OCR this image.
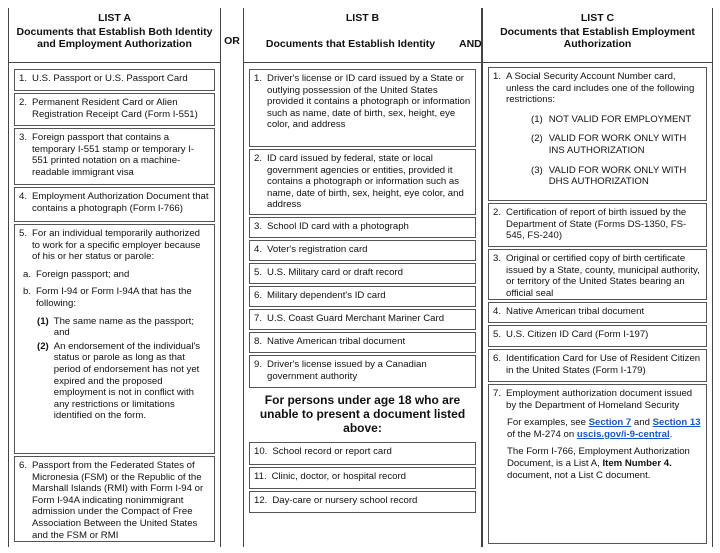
LIST A
Documents that Establish Both Identity
and Employment Authorization
1. U.S. Passport or U.S. Passport Card
2. Permanent Resident Card or Alien Registration Receipt Card (Form I-551)
3. Foreign passport that contains a temporary I-551 stamp or temporary I-551 printed notation on a machine-readable immigrant visa
4. Employment Authorization Document that contains a photograph (Form I-766)
5. For an individual temporarily authorized to work for a specific employer because of his or her status or parole:
a. Foreign passport; and
b. Form I-94 or Form I-94A that has the following:
(1) The same name as the passport; and
(2) An endorsement of the individual's status or parole as long as that period of endorsement has not yet expired and the proposed employment is not in conflict with any restrictions or limitations identified on the form.
6. Passport from the Federated States of Micronesia (FSM) or the Republic of the Marshall Islands (RMI) with Form I-94 or Form I-94A indicating nonimmigrant admission under the Compact of Free Association Between the United States and the FSM or RMI
OR
LIST B
Documents that Establish Identity
1. Driver's license or ID card issued by a State or outlying possession of the United States provided it contains a photograph or information such as name, date of birth, sex, height, eye color, and address
2. ID card issued by federal, state or local government agencies or entities, provided it contains a photograph or information such as name, date of birth, sex, height, eye color, and address
3. School ID card with a photograph
4. Voter's registration card
5. U.S. Military card or draft record
6. Military dependent's ID card
7. U.S. Coast Guard Merchant Mariner Card
8. Native American tribal document
9. Driver's license issued by a Canadian government authority
For persons under age 18 who are unable to present a document listed above:
10. School record or report card
11. Clinic, doctor, or hospital record
12. Day-care or nursery school record
AND
LIST C
Documents that Establish Employment
Authorization
1. A Social Security Account Number card, unless the card includes one of the following restrictions:
(1) NOT VALID FOR EMPLOYMENT
(2) VALID FOR WORK ONLY WITH INS AUTHORIZATION
(3) VALID FOR WORK ONLY WITH DHS AUTHORIZATION
2. Certification of report of birth issued by the Department of State (Forms DS-1350, FS-545, FS-240)
3. Original or certified copy of birth certificate issued by a State, county, municipal authority, or territory of the United States bearing an official seal
4. Native American tribal document
5. U.S. Citizen ID Card (Form I-197)
6. Identification Card for Use of Resident Citizen in the United States (Form I-179)
7. Employment authorization document issued by the Department of Homeland Security
For examples, see Section 7 and Section 13 of the M-274 on uscis.gov/i-9-central.
The Form I-766, Employment Authorization Document, is a List A, Item Number 4. document, not a List C document.
